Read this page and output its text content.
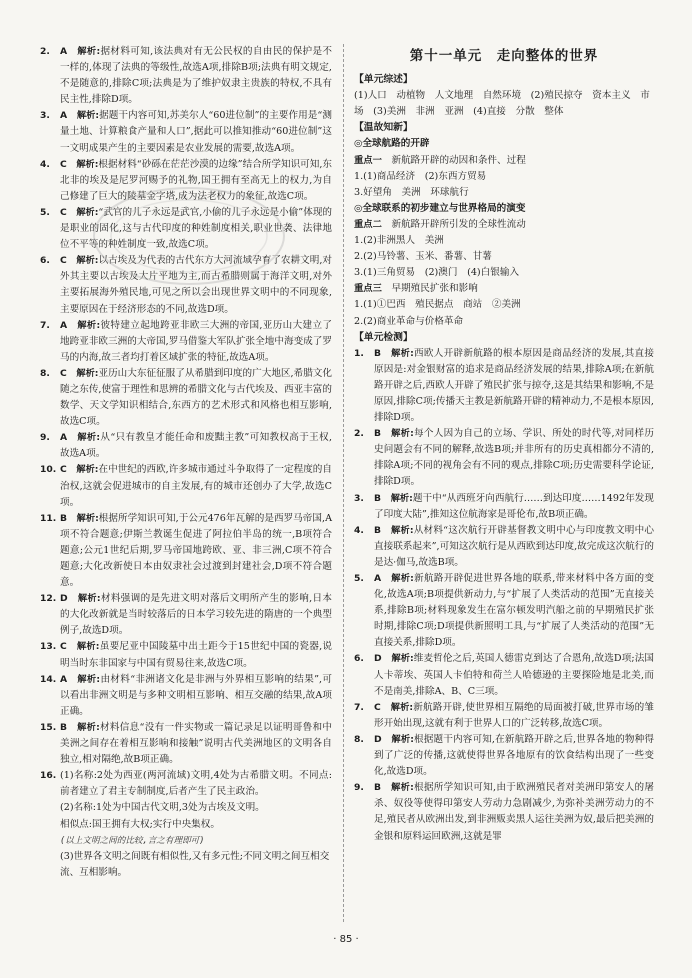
2. A　 解析:据材料可知,该法典对有无公民权的自由民的保护是不一样的,体现了法典的等级性,故选A项,排除B项;法典有明文规定,不是随意的,排除C项;法典是为了维护奴隶主贵族的特权,不具有民主性,排除D项。

3. A　 解析:据题干内容可知,苏美尔人“60进位制”的主要作用是“测量土地、计算粮食产量和人口”,据此可以推知推动“60进位制”这一文明成果产生的主要因素是农业发展的需要,故选A项。

4. C　 解析:根据材料“砂砾在茫茫沙漠的边缘”结合所学知识可知,东北非的埃及是尼罗河赐予的礼物,国王拥有至高无上的权力,为自己修建了巨大的陵墓金字塔,成为法老权力的象征,故选C项。

5. C　 解析:“武官的儿子永远是武官,小偷的儿子永远是小偷”体现的是职业的固化,这与古代印度的种姓制度相关,职业世袭、法律地位不平等的种姓制度一致,故选C项。

6. C　 解析:以古埃及为代表的古代东方大河流域孕育了农耕文明,对外其主要以古埃及大片平地为主,而古希腊则属于海洋文明,对外主要拓展海外殖民地,可见之所以会出现世界文明中的不同现象,主要原因在于经济形态的不同,故选D项。

7. A　 解析:彼特建立起地跨亚非欧三大洲的帝国,亚历山大建立了地跨亚非欧三洲的大帝国,罗马借鉴大军队扩张全地中海变成了罗马的内海,故三者均打着区域扩张的特征,故选A项。

8. C　 解析:亚历山大东征征服了从希腊到印度的广大地区,希腊文化随之东传,使富于理性和思辨的希腊文化与古代埃及、西亚丰富的数学、天文学知识相结合,东西方的艺术形式和风格也相互影响,故选C项。

9. A　 解析:从“只有教皇才能任命和废黜主教”可知教权高于王权,故选A项。

10. C　 解析:在中世纪的西欧,许多城市通过斗争取得了一定程度的自治权,这就会促进城市的自主发展,有的城市还创办了大学,故选C项。

11. B　 解析:根据所学知识可知,于公元476年瓦解的是西罗马帝国,A项不符合题意;伊斯兰教诞生促进了阿拉伯半岛的统一,B项符合题意;公元1世纪后期,罗马帝国地跨欧、亚、非三洲,C项不符合题意;大化改新使日本由奴隶社会过渡到封建社会,D项不符合题意。

12. D　 解析:材料强调的是先进文明对落后文明所产生的影响,日本的大化改新就是当时较落后的日本学习较先进的隋唐的一个典型例子,故选D项。

13. C　 解析:虽要尼亚中国陵墓中出土距今于15世纪中国的瓷器,说明当时东非国家与中国有贸易往来,故选C项。

14. A　 解析:由材料“非洲诸文化是非洲与外界相互影响的结果”,可以看出非洲文明是与多种文明相互影响、相互交融的结果,故A项正确。

15. B　 解析:材料信息“没有一件实物或一篇记录足以证明哥鲁和中美洲之间存在着相互影响和接触”说明古代美洲地区的文明各自独立,相对隔绝,故B项正确。

16. (1)名称:2处为西亚(两河流域)文明,4处为古希腊文明。不同点:前者建立了君主专制制度,后者产生了民主政治。

(2)名称:1处为中国古代文明,3处为古埃及文明。

相似点:国王拥有大权;实行中央集权。

(以上文明之间的比较,言之有理即可)

(3)世界各文明之间既有相似性,又有多元性;不同文明之间互相交流、互相影响。

第十一单元　走向整体的世界

【单元综述】

(1)人口　动植物　人文地理　自然环境　(2)殖民掠夺　资本主义　市场　(3)美洲　非洲　亚洲　(4)直接　分散　整体

【温故知新】

◎全球航路的开辟

重点一　 新航路开辟的动因和条件、过程

1.(1)商品经济　(2)东西方贸易

3.好望角　美洲　环球航行

◎全球联系的初步建立与世界格局的演变

重点二　 新航路开辟所引发的全球性流动

1.(2)非洲黑人　美洲

2.(2)马铃薯、玉米、番薯、甘薯

3.(1)三角贸易　(2)澳门　(4)白银输入

重点三　 早期殖民扩张和影响

1.(1)①巴西　殖民据点　商站　②美洲

2.(2)商业革命与价格革命

【单元检测】

1. B　 解析:西欧人开辟新航路的根本原因是商品经济的发展,其直接原因是:对金银财富的追求是商品经济发展的结果,排除A项;在新航路开辟之后,西欧人开辟了殖民扩张与掠夺,这是其结果和影响,不是原因,排除C项;传播天主教是新航路开辟的精神动力,不是根本原因,排除D项。

2. B　 解析:每个人因为自己的立场、学识、所处的时代等,对同样历史问题会有不同的解释,故选B项;并非所有的历史真相都分不清的,排除A项;不同的视角会有不同的观点,排除C项;历史需要科学论证,排除D项。

3. B　 解析:题干中“从西班牙向西航行……到达印度……1492年发现了印度大陆”,推知这位航海家是哥伦布,故B项正确。

4. B　 解析:从材料“这次航行开辟基督教文明中心与印度教文明中心直接联系起来”,可知这次航行是从西欧到达印度,故完成这次航行的是达·伽马,故选B项。

5. A　 解析:新航路开辟促进世界各地的联系,带来材料中各方面的变化,故选A项;B项提供新动力,与“扩展了人类活动的范围”无直接关系,排除B项;材料现象发生在富尔顿发明汽船之前的早期殖民扩张时期,排除C项;D项提供新照明工具,与“扩展了人类活动的范围”无直接关系,排除D项。

6. D　 解析:维麦哲伦之后,英国人德雷克到达了合恩角,故选D项;法国人卡蒂埃、英国人卡伯特和荷兰人哈德逊的主要探险地是北美,而不是南美,排除A、B、C三项。

7. C　 解析:新航路开辟,使世界相互隔绝的局面被打破,世界市场的雏形开始出现,这就有利于世界人口的广泛转移,故选C项。

8. D　 解析:根据题干内容可知,在新航路开辟之后,世界各地的物种得到了广泛的传播,这就使得世界各地原有的饮食结构出现了一些变化,故选D项。

9. B　 解析:根据所学知识可知,由于欧洲殖民者对美洲印第安人的屠杀、奴役等使得印第安人劳动力急剧减少,为弥补美洲劳动力的不足,殖民者从欧洲出发,到非洲贩卖黑人运往美洲为奴,最后把美洲的金银和原料运回欧洲,这就是罪

· 85 ·
